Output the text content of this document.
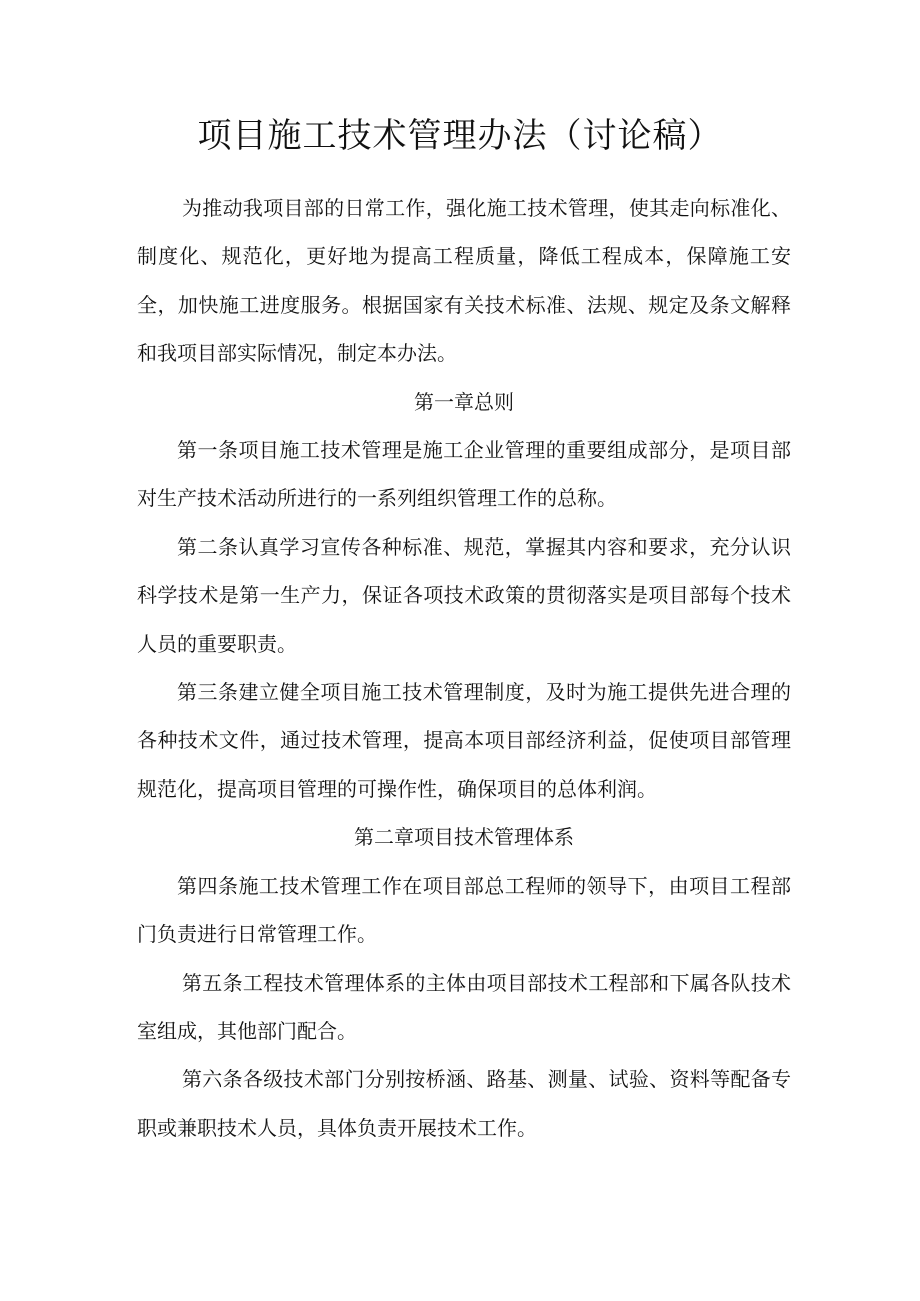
项目施工技术管理办法（讨论稿）

为推动我项目部的日常工作，强化施工技术管理，使其走向标准化、制度化、规范化，更好地为提高工程质量，降低工程成本，保障施工安全，加快施工进度服务。根据国家有关技术标准、法规、规定及条文解释和我项目部实际情况，制定本办法。

第一章总则

第一条项目施工技术管理是施工企业管理的重要组成部分，是项目部对生产技术活动所进行的一系列组织管理工作的总称。

第二条认真学习宣传各种标准、规范，掌握其内容和要求，充分认识科学技术是第一生产力，保证各项技术政策的贯彻落实是项目部每个技术人员的重要职责。

第三条建立健全项目施工技术管理制度，及时为施工提供先进合理的各种技术文件，通过技术管理，提高本项目部经济利益，促使项目部管理规范化，提高项目管理的可操作性，确保项目的总体利润。

第二章项目技术管理体系

第四条施工技术管理工作在项目部总工程师的领导下，由项目工程部门负责进行日常管理工作。

第五条工程技术管理体系的主体由项目部技术工程部和下属各队技术室组成，其他部门配合。

第六条各级技术部门分别按桥涵、路基、测量、试验、资料等配备专职或兼职技术人员，具体负责开展技术工作。
